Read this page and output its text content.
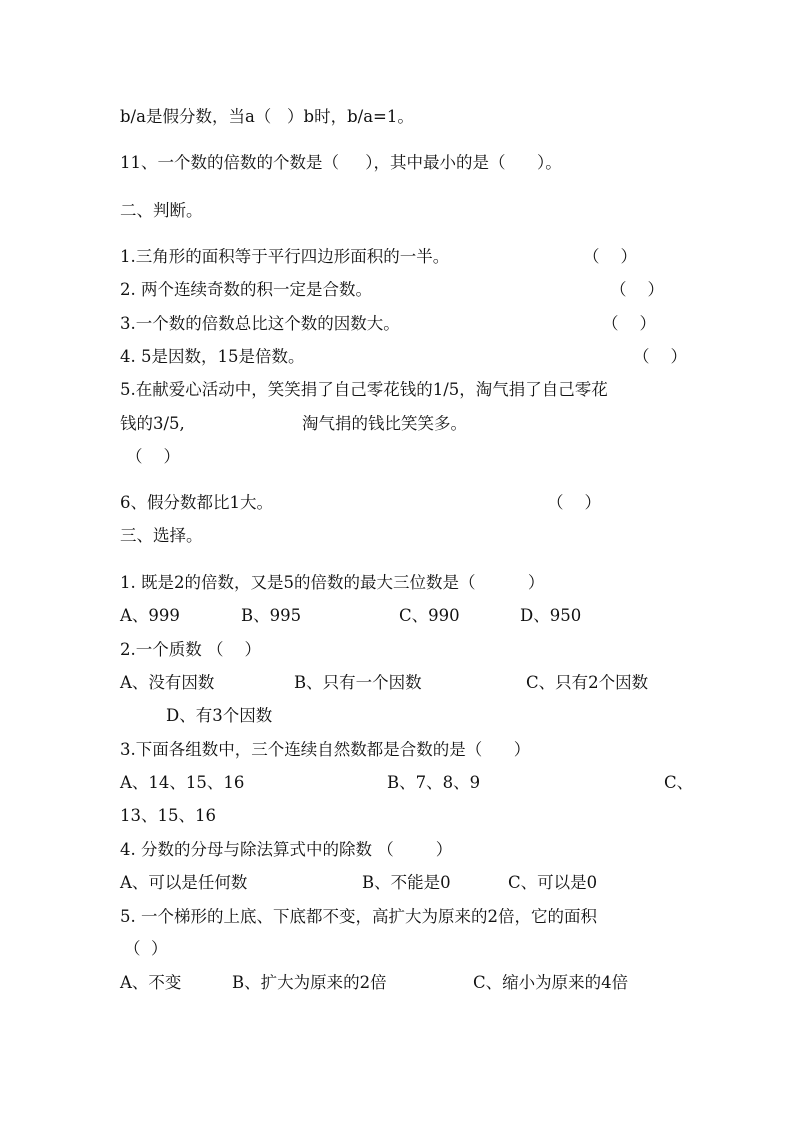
b/a是假分数，当a（   ）b时，b/a=1。
11、一个数的倍数的个数是（     ），其中最小的是（      ）。
二、判断。
1.三角形的面积等于平行四边形面积的一半。	（    ）
2. 两个连续奇数的积一定是合数。	（    ）
3.一个数的倍数总比这个数的因数大。	（    ）
4. 5是因数，15是倍数。	（    ）
5.在献爱心活动中，笑笑捐了自己零花钱的1/5，淘气捐了自己零花
钱的3/5,	淘气捐的钱比笑笑多。
（    ）
6、假分数都比1大。	（    ）
三、选择。
1. 既是2的倍数，又是5的倍数的最大三位数是（          ）
A、999	B、995	C、990	D、950
2.一个质数 （    ）
A、没有因数	B、只有一个因数	C、只有2个因数
D、有3个因数
3.下面各组数中，三个连续自然数都是合数的是（      ）
A、14、15、16	B、7、8、9	C、
13、15、16
4. 分数的分母与除法算式中的除数 （        ）
A、可以是任何数	B、不能是0	C、可以是0
5. 一个梯形的上底、下底都不变，高扩大为原来的2倍，它的面积
（  ）
A、不变	B、扩大为原来的2倍	C、缩小为原来的4倍
